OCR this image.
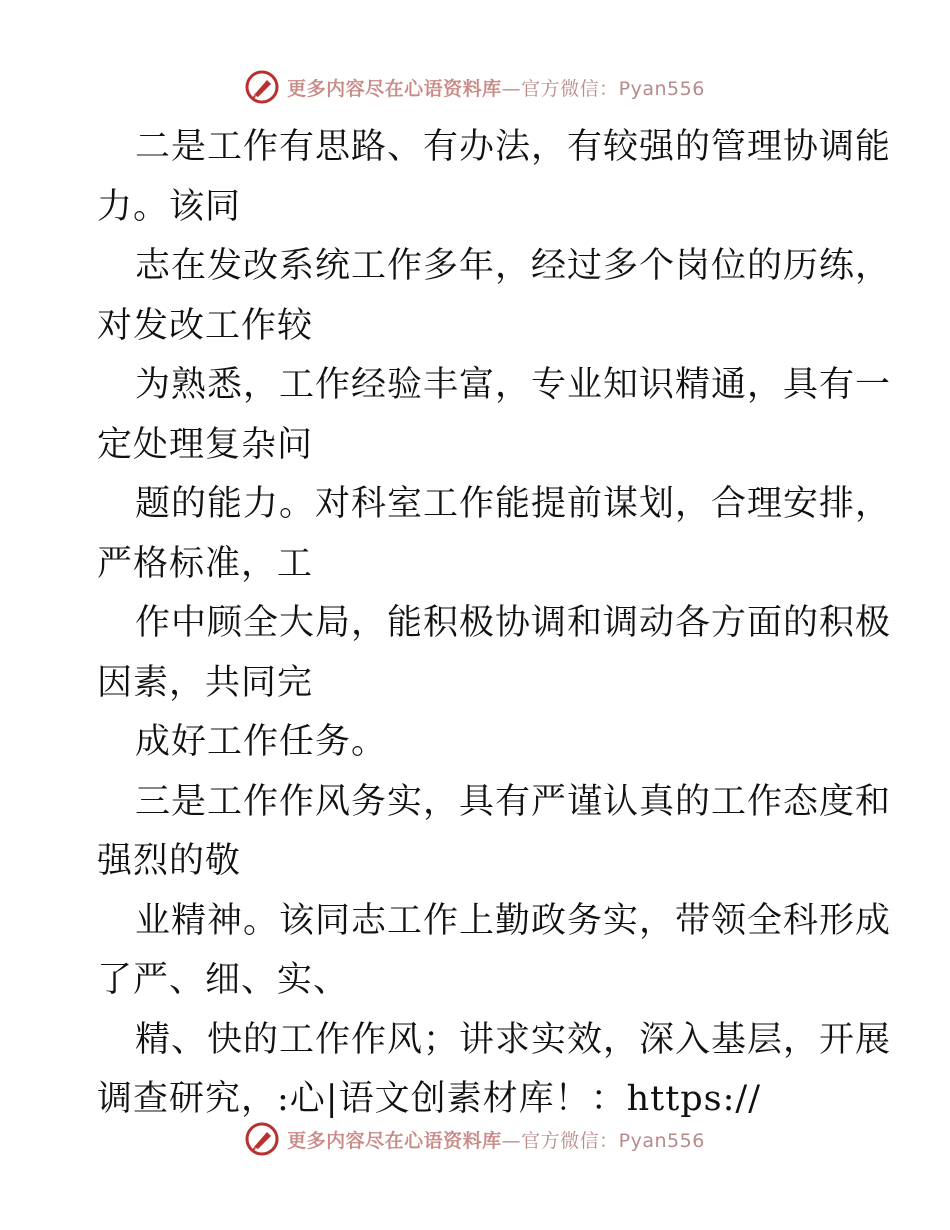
更多内容尽在心语资料库—官方微信：Pyan556
二是工作有思路、有办法，有较强的管理协调能
力。该同
志在发改系统工作多年，经过多个岗位的历练，
对发改工作较
为熟悉，工作经验丰富，专业知识精通，具有一
定处理复杂问
题的能力。对科室工作能提前谋划，合理安排，
严格标准，工
作中顾全大局，能积极协调和调动各方面的积极
因素，共同完
成好工作任务。
三是工作作风务实，具有严谨认真的工作态度和
强烈的敬
业精神。该同志工作上勤政务实，带领全科形成
了严、细、实、
精、快的工作作风；讲求实效，深入基层，开展
调查研究，:心|语文创素材库！：https://
更多内容尽在心语资料库—官方微信：Pyan556
